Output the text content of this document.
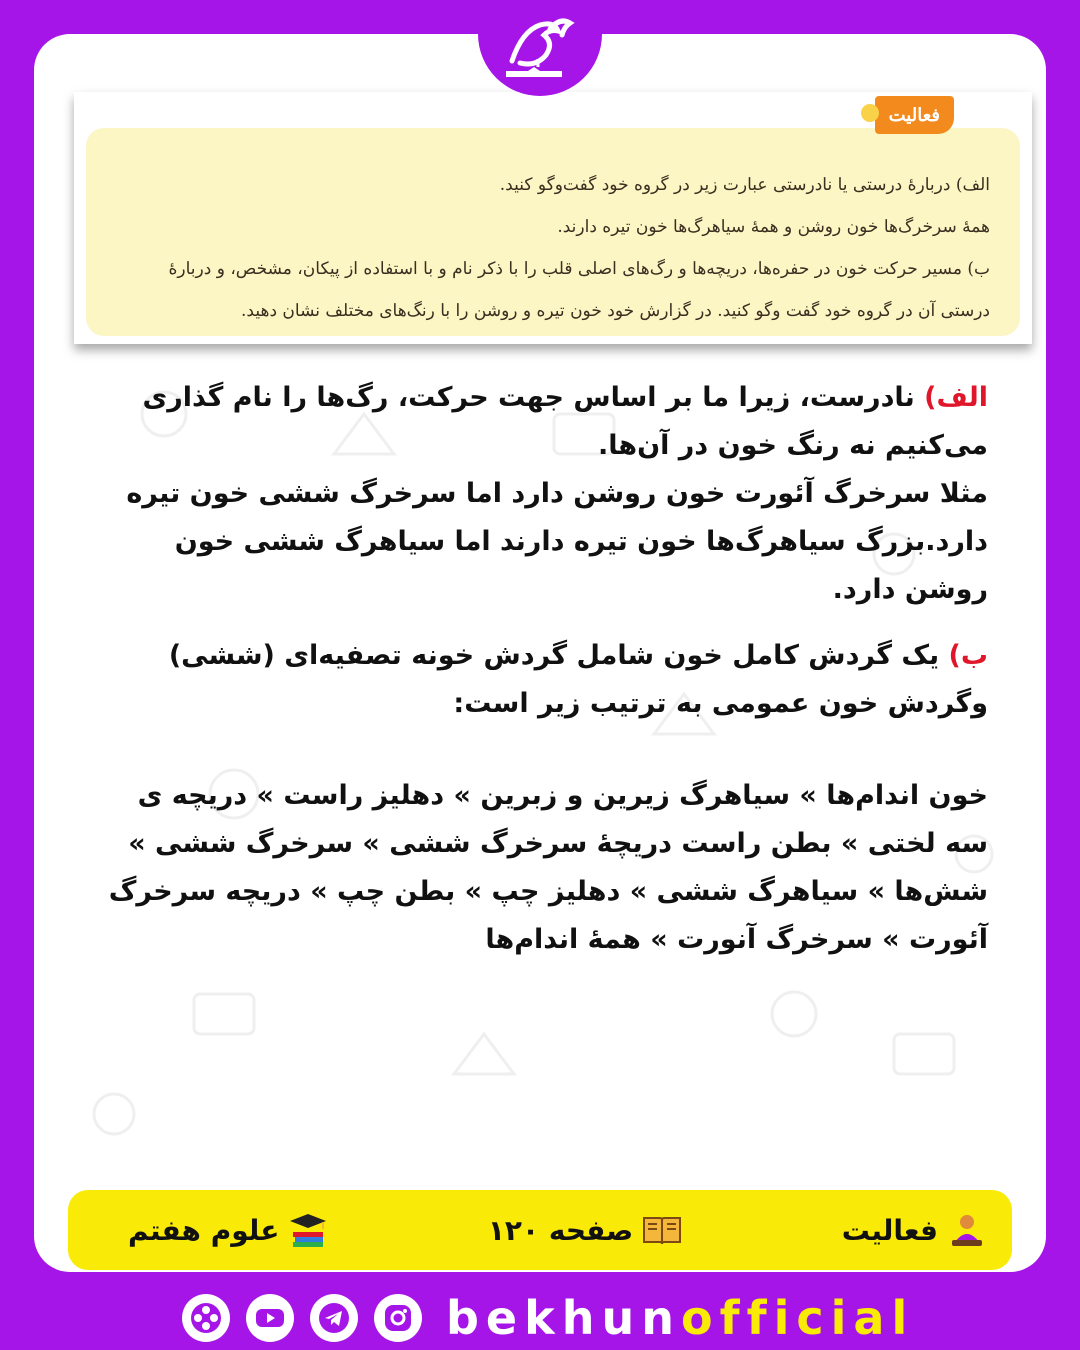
فعالیت
الف) دربارهٔ درستی یا نادرستی عبارت زیر در گروه خود گفت‌وگو کنید.
همهٔ سرخرگ‌ها خون روشن و همهٔ سیاهرگ‌ها خون تیره دارند.
ب) مسیر حرکت خون در حفره‌ها، دریچه‌ها و رگ‌های اصلی قلب را با ذکر نام و با استفاده از پیکان، مشخص، و دربارهٔ
درستی آن در گروه خود گفت وگو کنید. در گزارش خود خون تیره و روشن را با رنگ‌های مختلف نشان دهید.

الف) نادرست، زیرا ما بر اساس جهت حرکت، رگ‌ها را نام گذاری می‌کنیم نه رنگ خون در آن‌ها.

مثلا سرخرگ آئورت خون روشن دارد اما سرخرگ ششی خون تیره دارد.بزرگ سیاهرگ‌ها خون تیره دارند اما سیاهرگ ششی خون روشن دارد.

ب) یک گردش کامل خون شامل گردش خونه تصفیه‌ای (ششی) وگردش خون عمومی به ترتیب زیر است:

خون اندام‌ها » سیاهرگ زیرین و زبرین » دهلیز راست » دریچه ی سه لختی » بطن راست دریچهٔ سرخرگ ششی » سرخرگ ششی » شش‌ها » سیاهرگ ششی » دهلیز چپ » بطن چپ » دریچه سرخرگ آئورت » سرخرگ آنورت » همهٔ اندام‌ها

فعالیت
صفحه ۱۲۰
علوم هفتم
bekhunofficial
